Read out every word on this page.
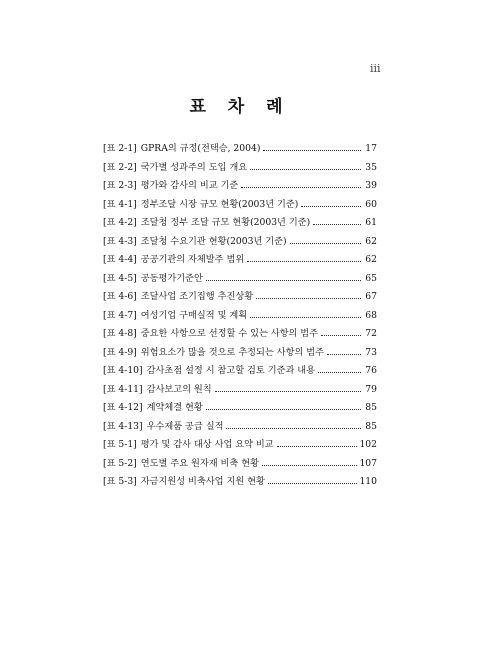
iii
표 차 례
[표 2-1] GPRA의 규정(전택승, 2004)	17
[표 2-2] 국가별 성과주의 도입 개요	35
[표 2-3] 평가와 감사의 비교 기준	39
[표 4-1] 정부조달 시장 규모 현황(2003년 기준)	60
[표 4-2] 조달청 정부 조달 규모 현황(2003년 기준)	61
[표 4-3] 조달청 수요기관 현황(2003년 기준)	62
[표 4-4] 공공기관의 자체발주 범위	62
[표 4-5] 공동평가기준안	65
[표 4-6] 조달사업 조기집행 추진상황	67
[표 4-7] 여성기업 구매실적 및 계획	68
[표 4-8] 중요한 사항으로 선정할 수 있는 사항의 범주	72
[표 4-9] 위험요소가 많을 것으로 추정되는 사항의 범주	73
[표 4-10] 감사초점 설정 시 참고할 검토 기준과 내용	76
[표 4-11] 감사보고의 원칙	79
[표 4-12] 계약체결 현황	85
[표 4-13] 우수제품 공급 실적	85
[표 5-1] 평가 및 감사 대상 사업 요약 비교	102
[표 5-2] 연도별 주요 원자재 비축 현황	107
[표 5-3] 자금지원성 비축사업 지원 현황	110
